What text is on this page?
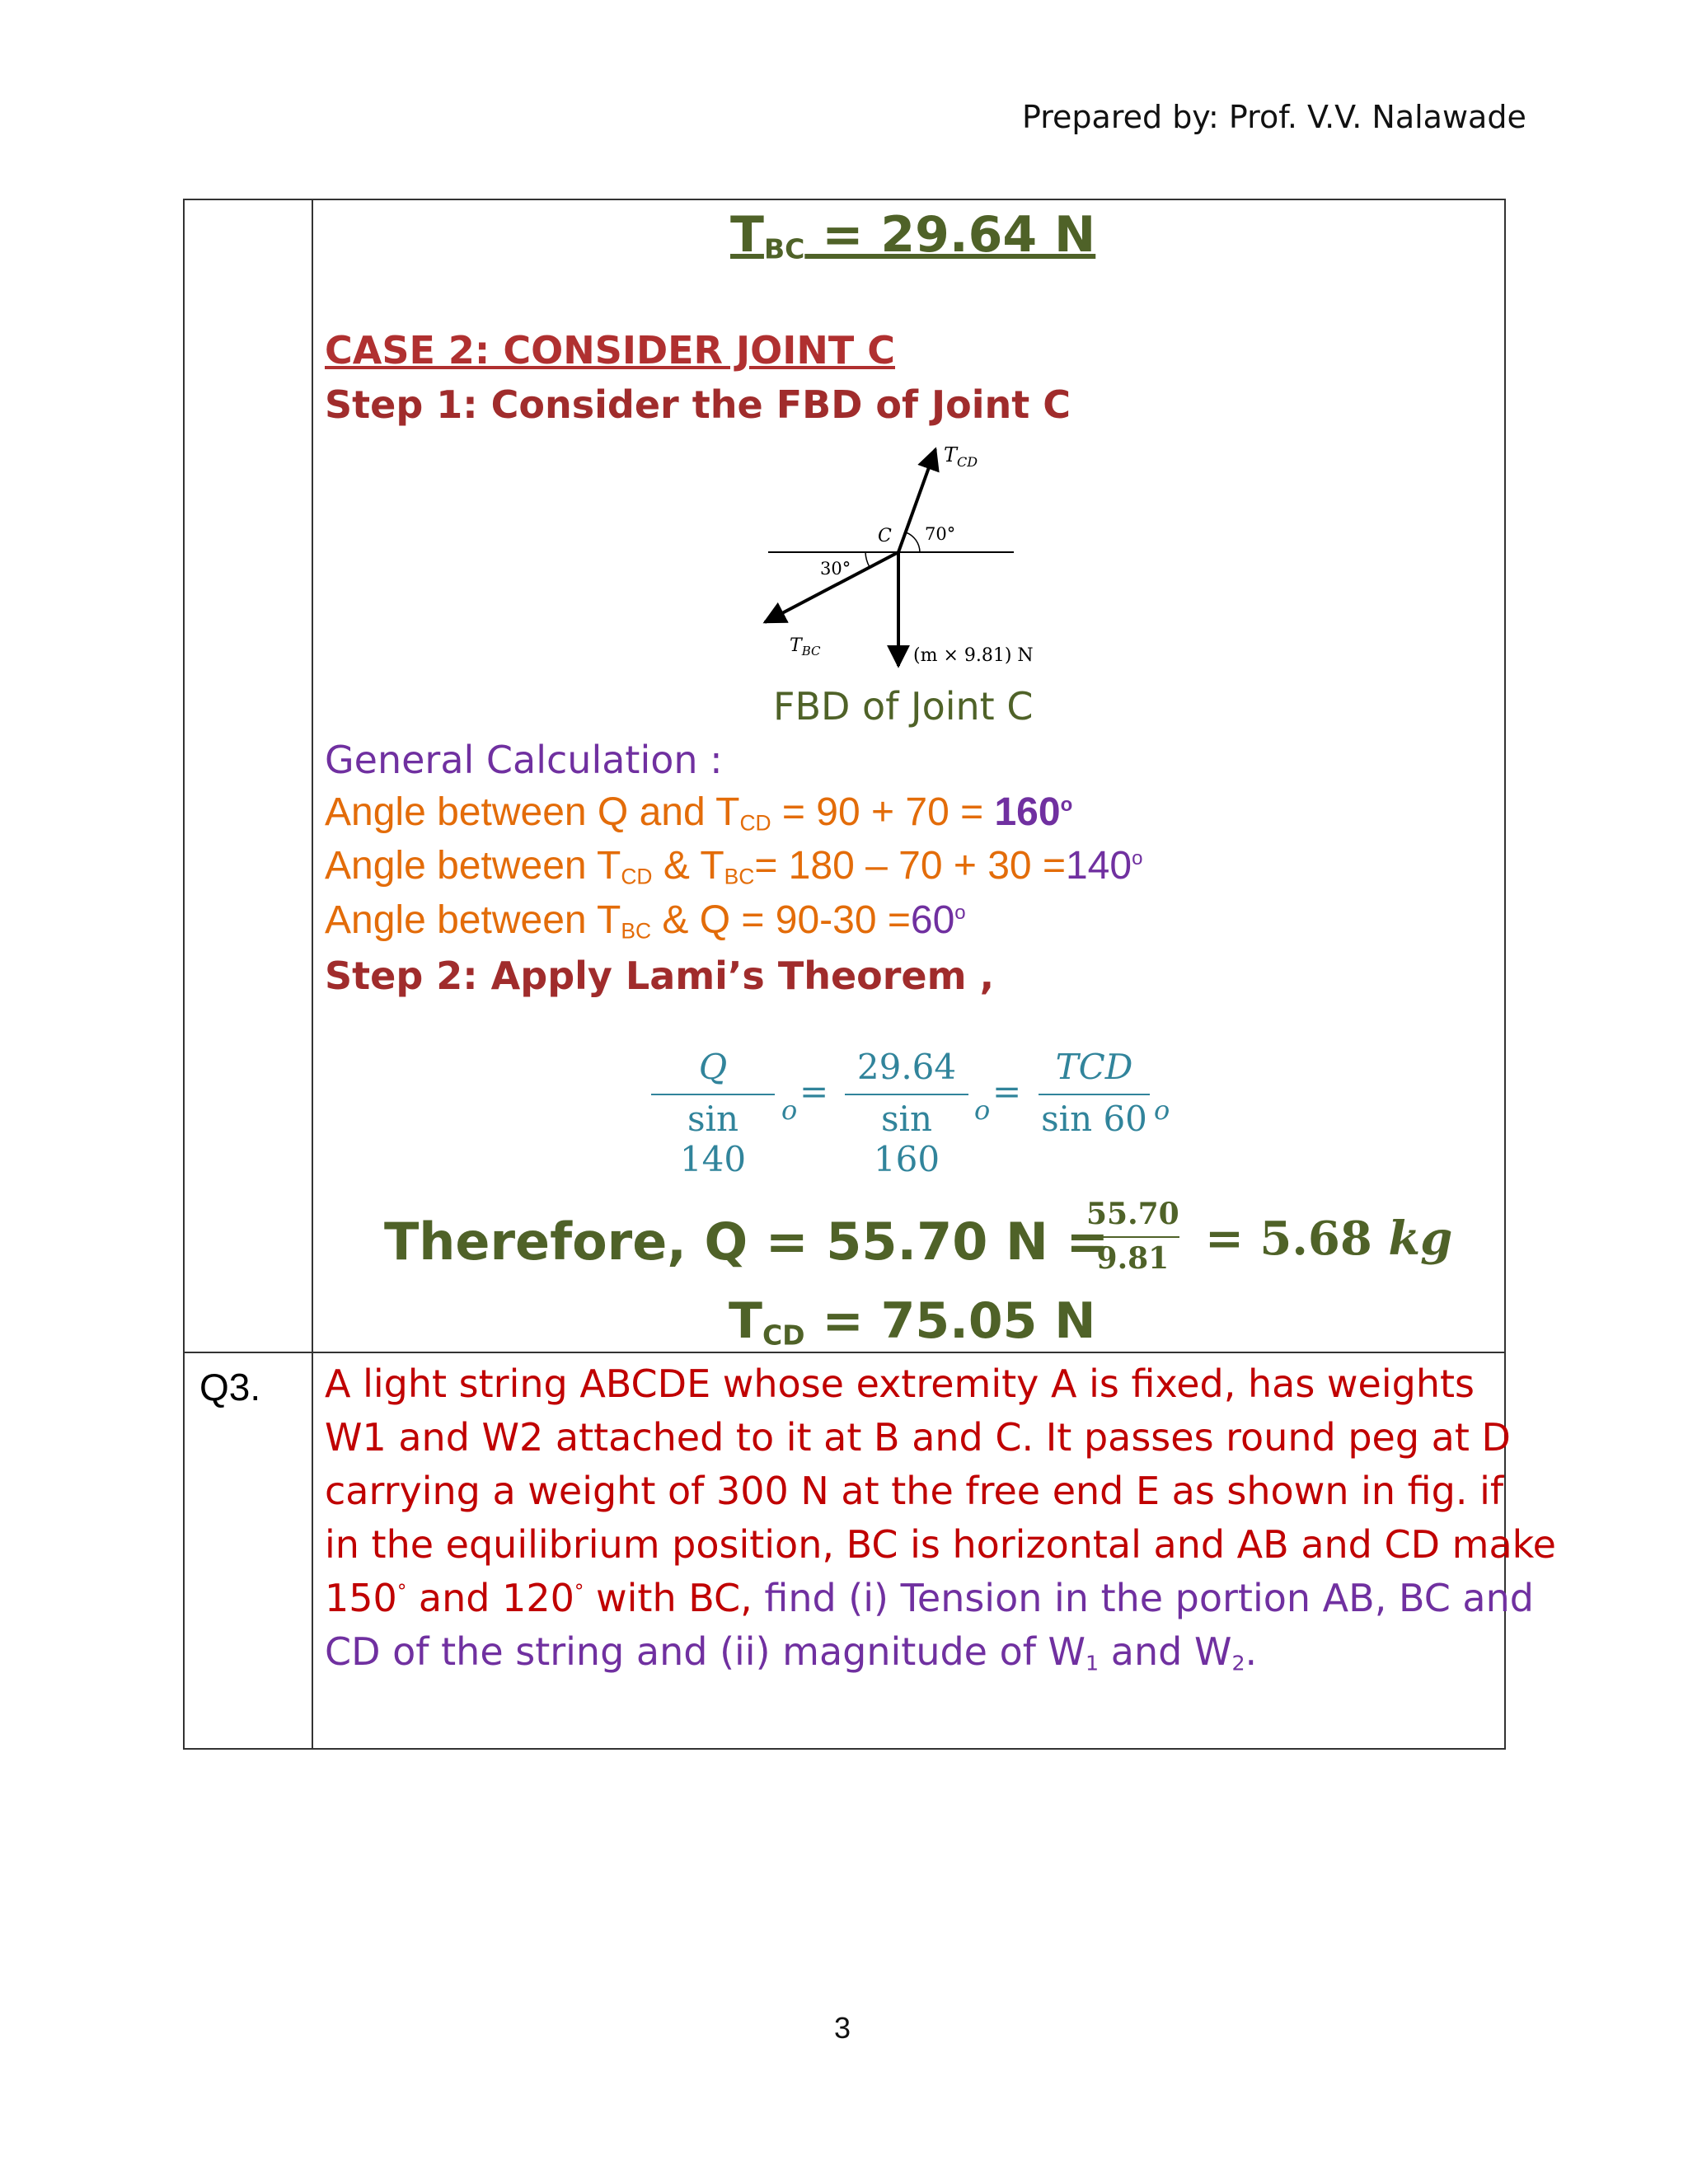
Prepared by: Prof. V.V. Nalawade
$T_{BC} = 29.64$ N
CASE 2: CONSIDER JOINT C
Step 1: Consider the FBD of Joint C
$T_{CD}$
C 70°
30°
$T_{BC}$	(m × 9.81) N
FBD of Joint C
General Calculation :
Angle between Q and $T_{CD} = 90 + 70 = 160^o$
Angle between $T_{CD}$ & $T_{BC}= 180 - 70 + 30 =140^o$
Angle between $T_{BC}$ & $Q = 90-30 =60^o$
Step 2: Apply Lami’s Theorem ,
$\frac{Q}{\sin 140}$ $o = \frac{29.64}{\sin 160}$ o =
TCD
sin 60 o
Therefore, Q = 55.70 N =
$\frac{55.70}{9.81} = 5.68$ kg
$T_{CD} = 75.05$ N
Q3. A light string ABCDE whose extremity A is fixed, has weights
W1 and W2 attached to it at B and C. It passes round peg at D
carrying a weight of 300 N at the free end E as shown in fig. if
in the equilibrium position, BC is horizontal and AB and CD make
150° and 120° with BC, find (i) Tension in the portion AB, BC and
CD of the string and (ii) magnitude of $W_1$ and $W_2$.
3
